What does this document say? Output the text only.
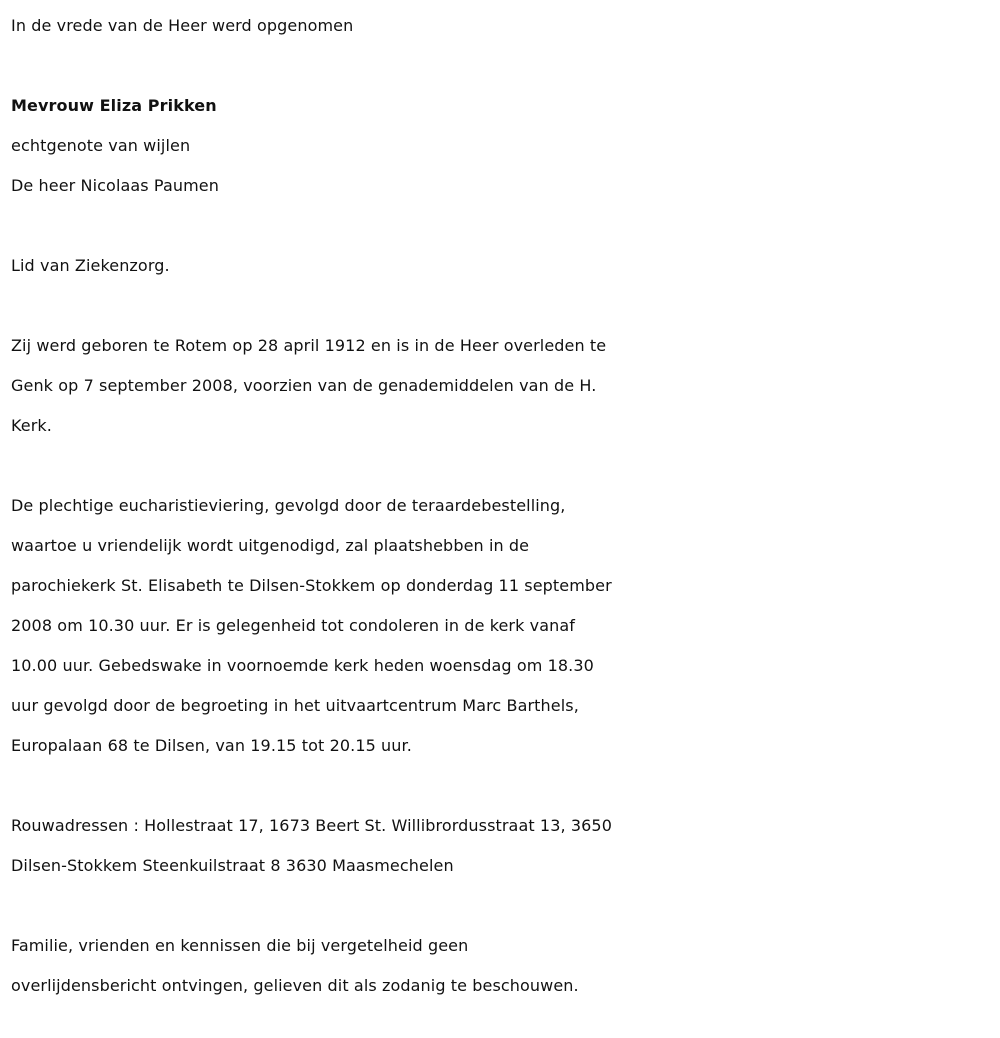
In de vrede van de Heer werd opgenomen

Mevrouw Eliza Prikken

echtgenote van wijlen

De heer Nicolaas Paumen

Lid van Ziekenzorg.

Zij werd geboren te Rotem op 28 april 1912 en is in de Heer overleden te

Genk op 7 september 2008, voorzien van de genademiddelen van de H.

Kerk.

De plechtige eucharistieviering, gevolgd door de teraardebestelling,

waartoe u vriendelijk wordt uitgenodigd, zal plaatshebben in de

parochiekerk St. Elisabeth te Dilsen-Stokkem op donderdag 11 september

2008 om 10.30 uur. Er is gelegenheid tot condoleren in de kerk vanaf

10.00 uur. Gebedswake in voornoemde kerk heden woensdag om 18.30

uur gevolgd door de begroeting in het uitvaartcentrum Marc Barthels,

Europalaan 68 te Dilsen, van 19.15 tot 20.15 uur.

Rouwadressen : Hollestraat 17, 1673 Beert St. Willibrordusstraat 13, 3650

Dilsen-Stokkem Steenkuilstraat 8 3630 Maasmechelen

Familie, vrienden en kennissen die bij vergetelheid geen

overlijdensbericht ontvingen, gelieven dit als zodanig te beschouwen.
